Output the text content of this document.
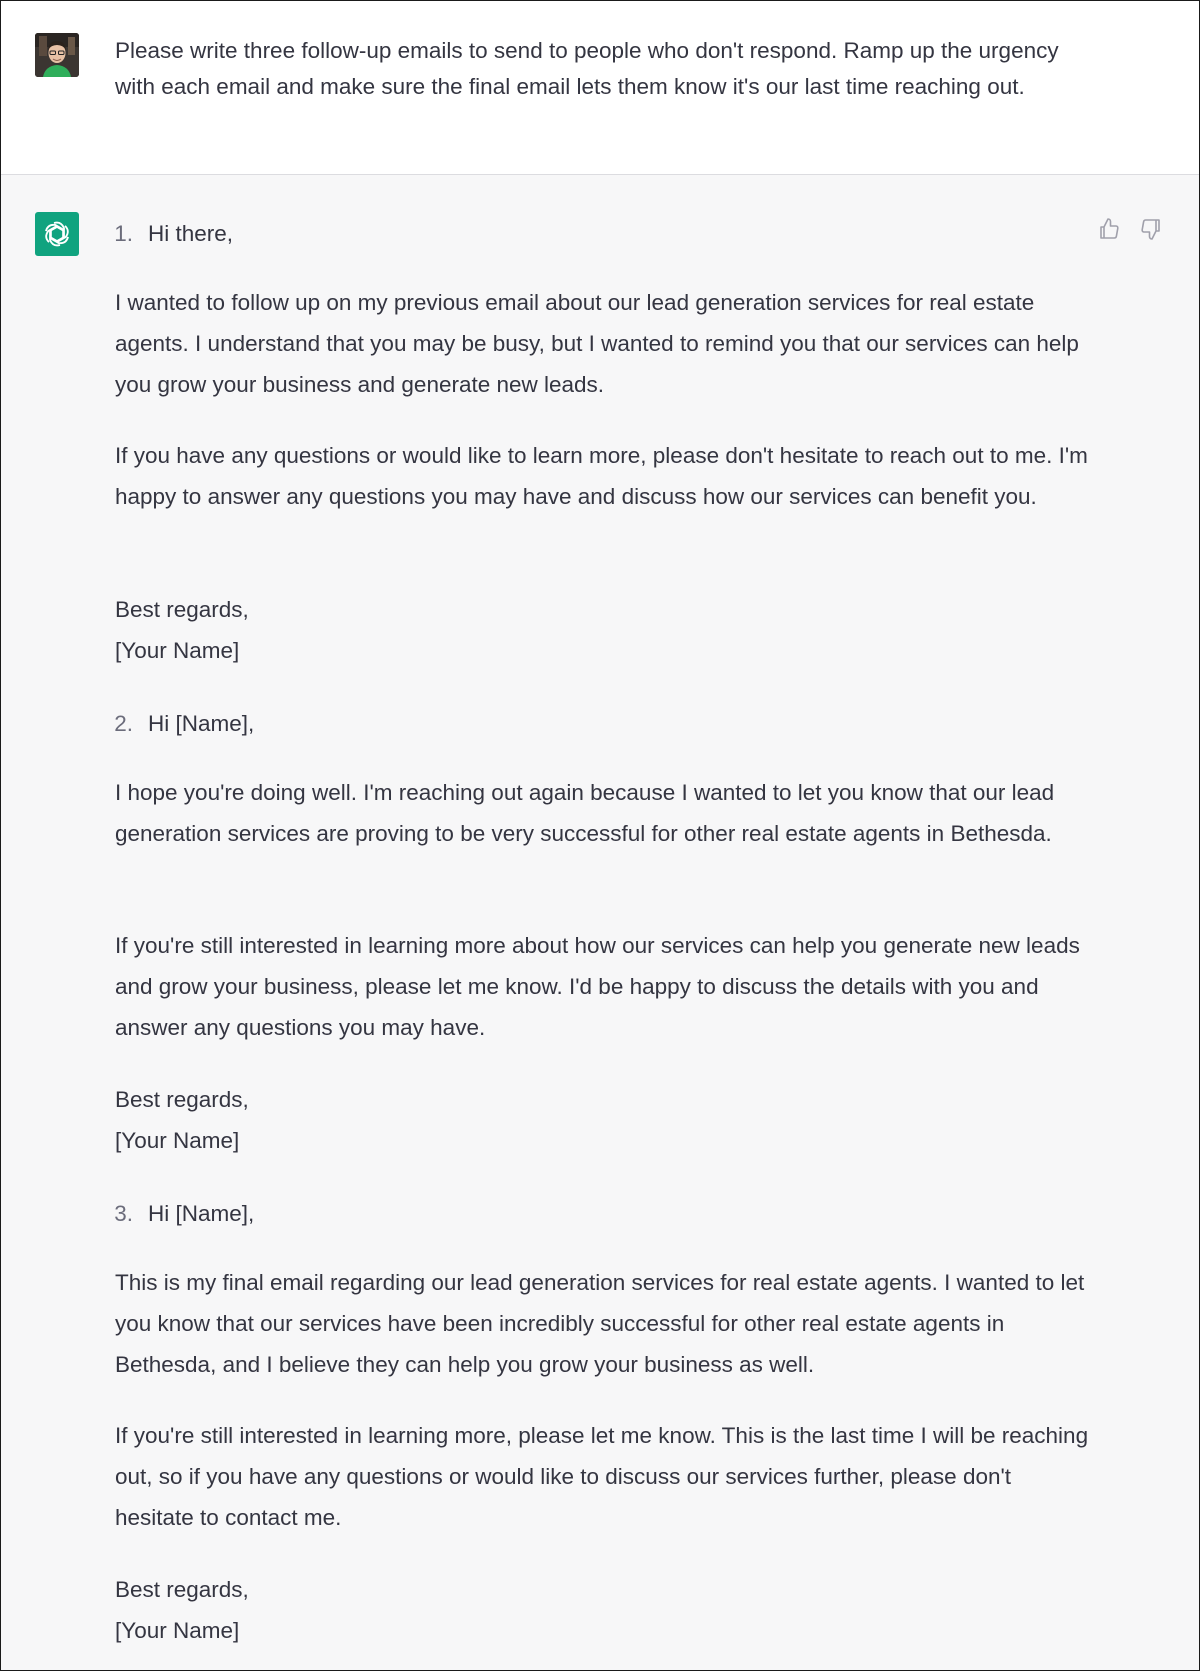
Please write three follow-up emails to send to people who don't respond. Ramp up the urgency with each email and make sure the final email lets them know it's our last time reaching out.

1. Hi there,

I wanted to follow up on my previous email about our lead generation services for real estate agents. I understand that you may be busy, but I wanted to remind you that our services can help you grow your business and generate new leads.

If you have any questions or would like to learn more, please don't hesitate to reach out to me. I'm happy to answer any questions you may have and discuss how our services can benefit you.

Best regards,
[Your Name]
2. Hi [Name],

I hope you're doing well. I'm reaching out again because I wanted to let you know that our lead generation services are proving to be very successful for other real estate agents in Bethesda.

If you're still interested in learning more about how our services can help you generate new leads and grow your business, please let me know. I'd be happy to discuss the details with you and answer any questions you may have.

Best regards,
[Your Name]
3. Hi [Name],

This is my final email regarding our lead generation services for real estate agents. I wanted to let you know that our services have been incredibly successful for other real estate agents in Bethesda, and I believe they can help you grow your business as well.

If you're still interested in learning more, please let me know. This is the last time I will be reaching out, so if you have any questions or would like to discuss our services further, please don't hesitate to contact me.

Best regards,
[Your Name]
